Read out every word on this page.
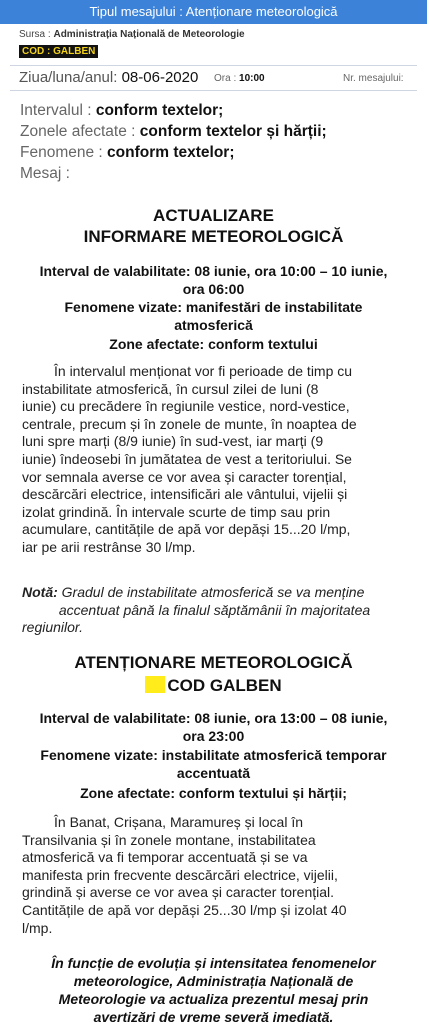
Tipul mesajului : Atenționare meteorologică
Sursa : Administrația Națională de Meteorologie
COD : GALBEN
Ziua/luna/anul: 08-06-2020 Ora : 10:00	Nr. mesajului:
Intervalul : conform textelor;
Zonele afectate : conform textelor și hărții;
Fenomene : conform textelor;
Mesaj :
ACTUALIZARE
INFORMARE METEOROLOGICĂ
Interval de valabilitate: 08 iunie, ora 10:00 – 10 iunie,
ora 06:00
Fenomene vizate: manifestări de instabilitate
atmosferică
Zone afectate: conform textului
În intervalul menționat vor fi perioade de timp cu
instabilitate atmosferică, în cursul zilei de luni (8
iunie) cu precădere în regiunile vestice, nord-vestice,
centrale, precum și în zonele de munte, în noaptea de
luni spre marți (8/9 iunie) în sud-vest, iar marți (9
iunie) îndeosebi în jumătatea de vest a teritoriului. Se
vor semnala averse ce vor avea și caracter torențial,
descărcări electrice, intensificări ale vântului, vijelii și
izolat grindină. În intervale scurte de timp sau prin
acumulare, cantitățile de apă vor depăși 15...20 l/mp,
iar pe arii restrânse 30 l/mp.
Notă: Gradul de instabilitate atmosferică se va menține
accentuat până la finalul săptămânii în majoritatea
regiunilor.
ATENȚIONARE METEOROLOGICĂ
COD GALBEN
Interval de valabilitate: 08 iunie, ora 13:00 – 08 iunie,
ora 23:00
Fenomene vizate: instabilitate atmosferică temporar
accentuată
Zone afectate: conform textului și hărții;
În Banat, Crișana, Maramureș și local în
Transilvania și în zonele montane, instabilitatea
atmosferică va fi temporar accentuată și se va
manifesta prin frecvente descărcări electrice, vijelii,
grindină și averse ce vor avea și caracter torențial.
Cantitățile de apă vor depăși 25...30 l/mp și izolat 40
l/mp.
În funcție de evoluția și intensitatea fenomenelor
meteorologice, Administrația Națională de
Meteorologie va actualiza prezentul mesaj prin
avertizări de vreme severă imediată.
